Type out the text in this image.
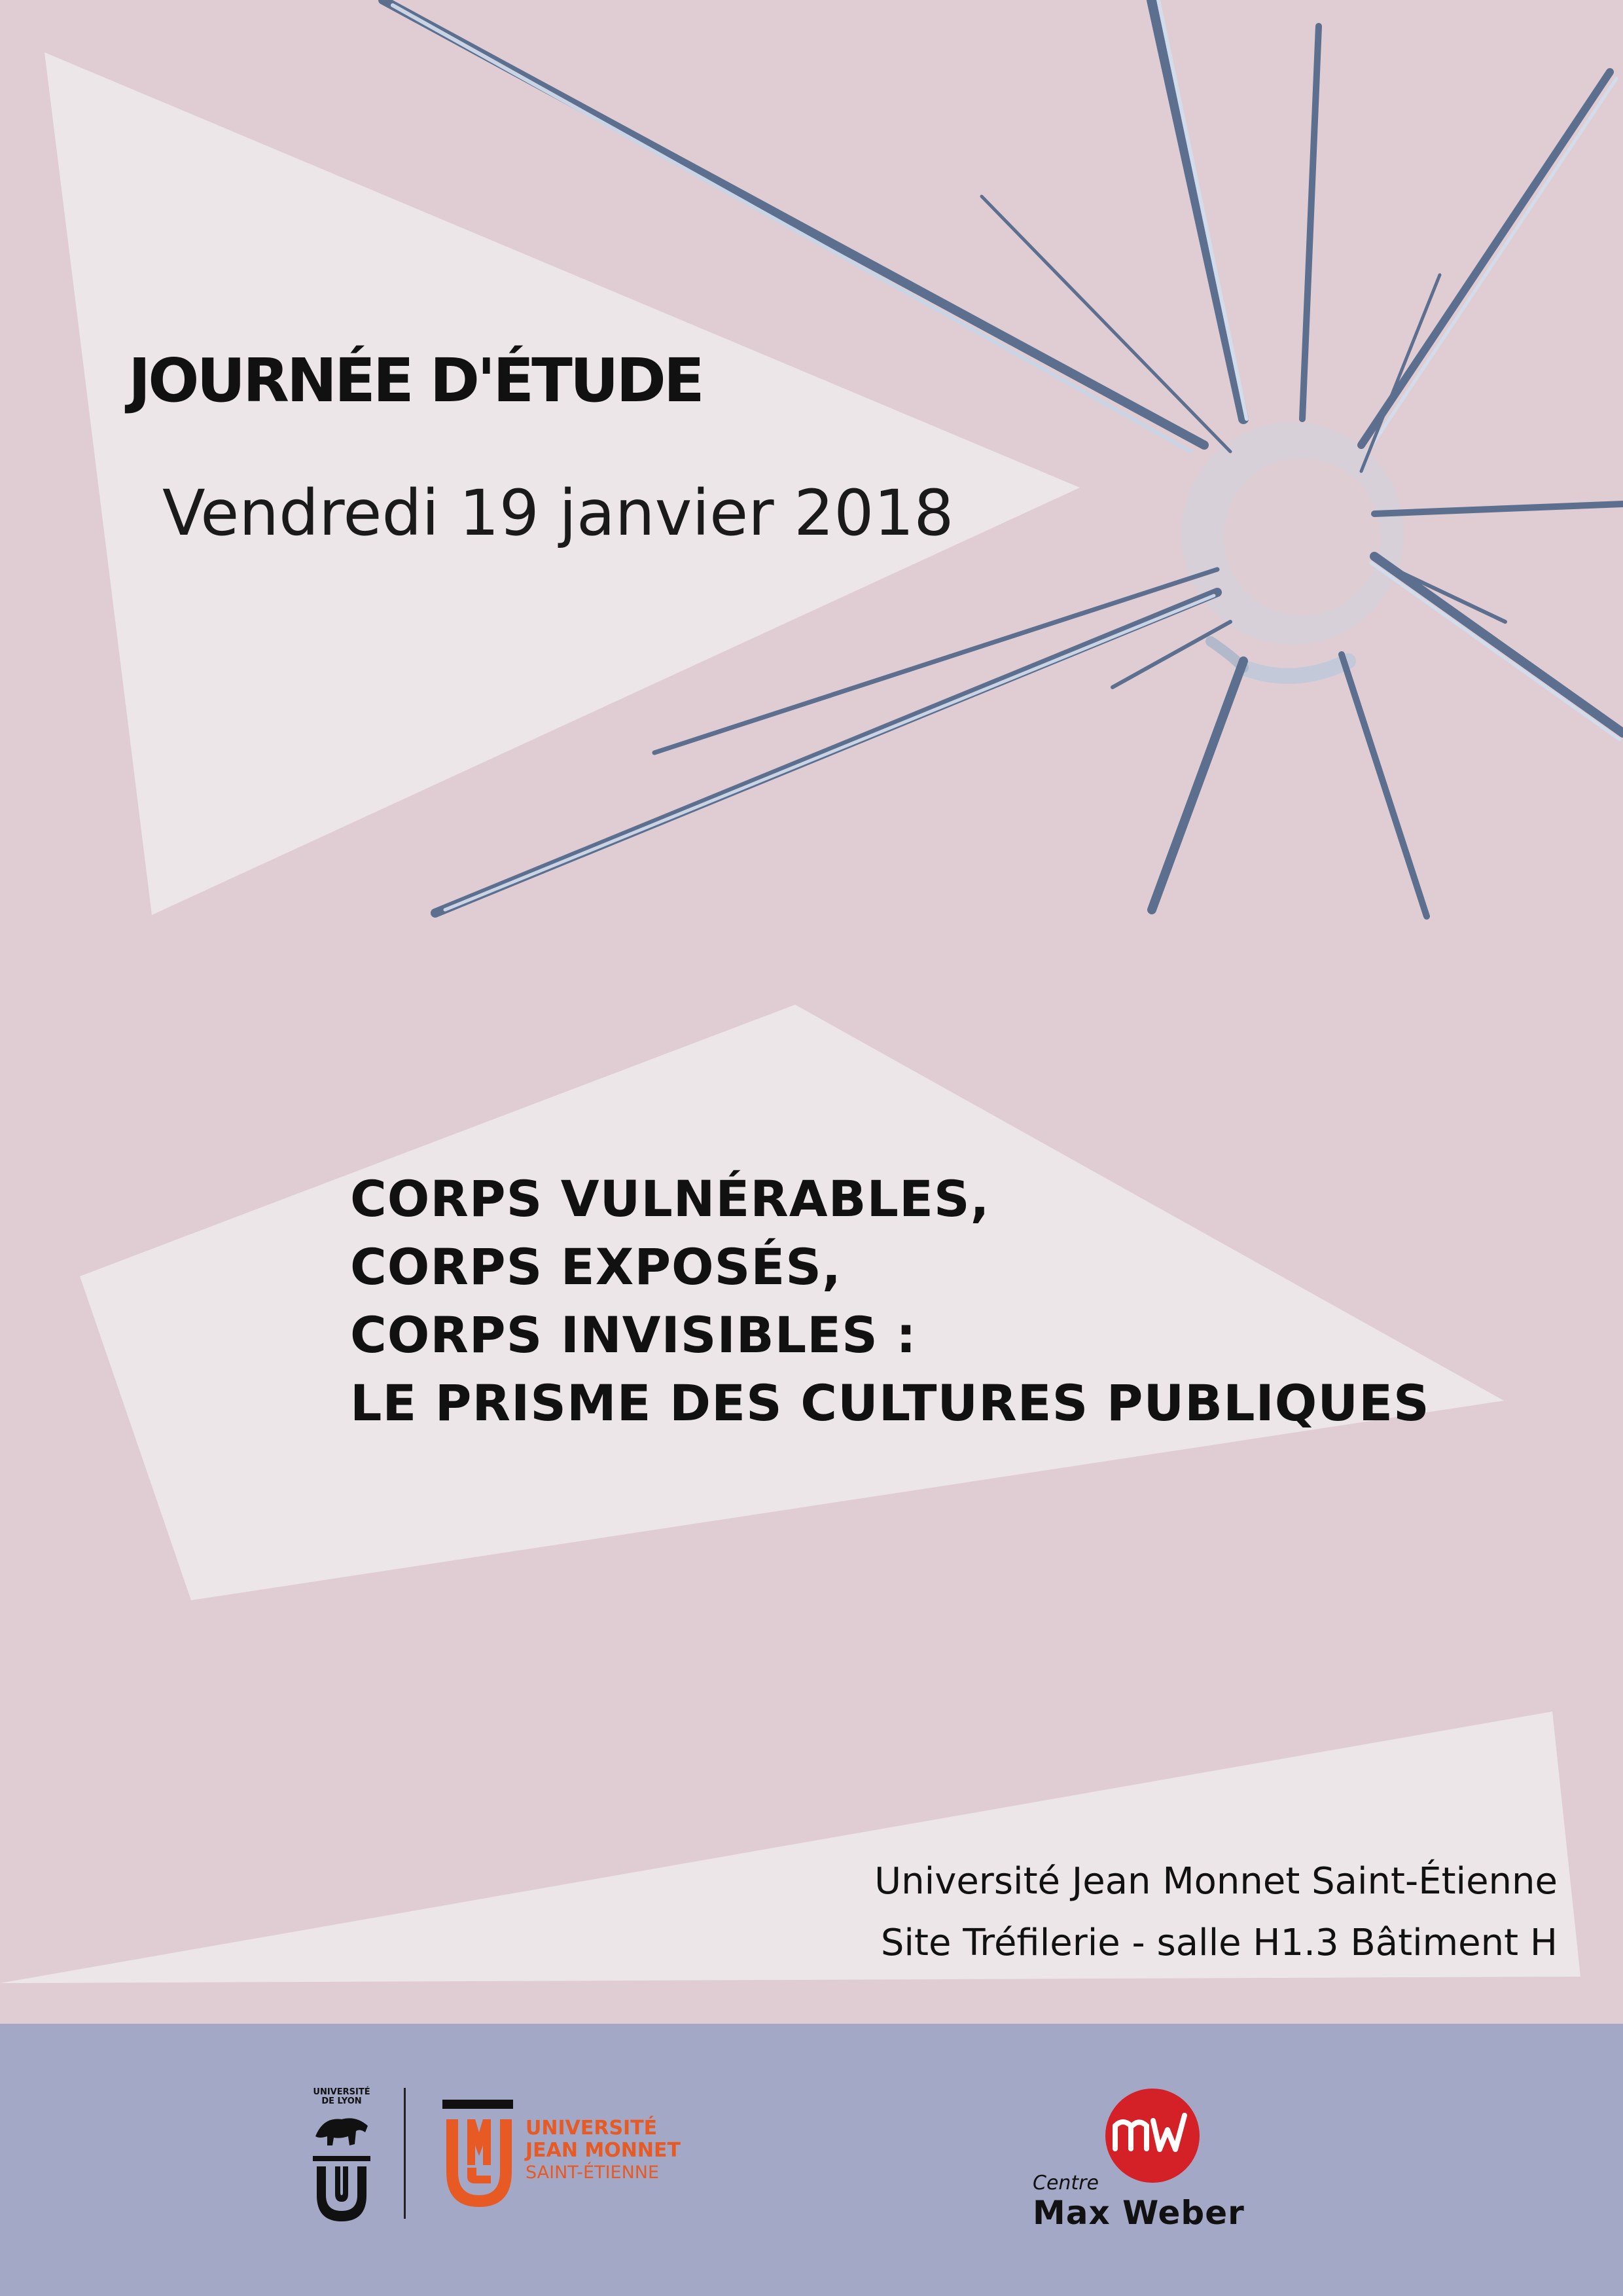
JOURNÉE D'ÉTUDE
Vendredi 19 janvier 2018
CORPS VULNÉRABLES,
CORPS EXPOSÉS,
CORPS INVISIBLES :
LE PRISME DES CULTURES PUBLIQUES
Université Jean Monnet Saint-Étienne
Site Tréfilerie - salle H1.3 Bâtiment H
UNIVERSITÉ
DE LYON
UNIVERSITÉ
JEAN MONNET
SAINT-ÉTIENNE	Centre
Max Weber
